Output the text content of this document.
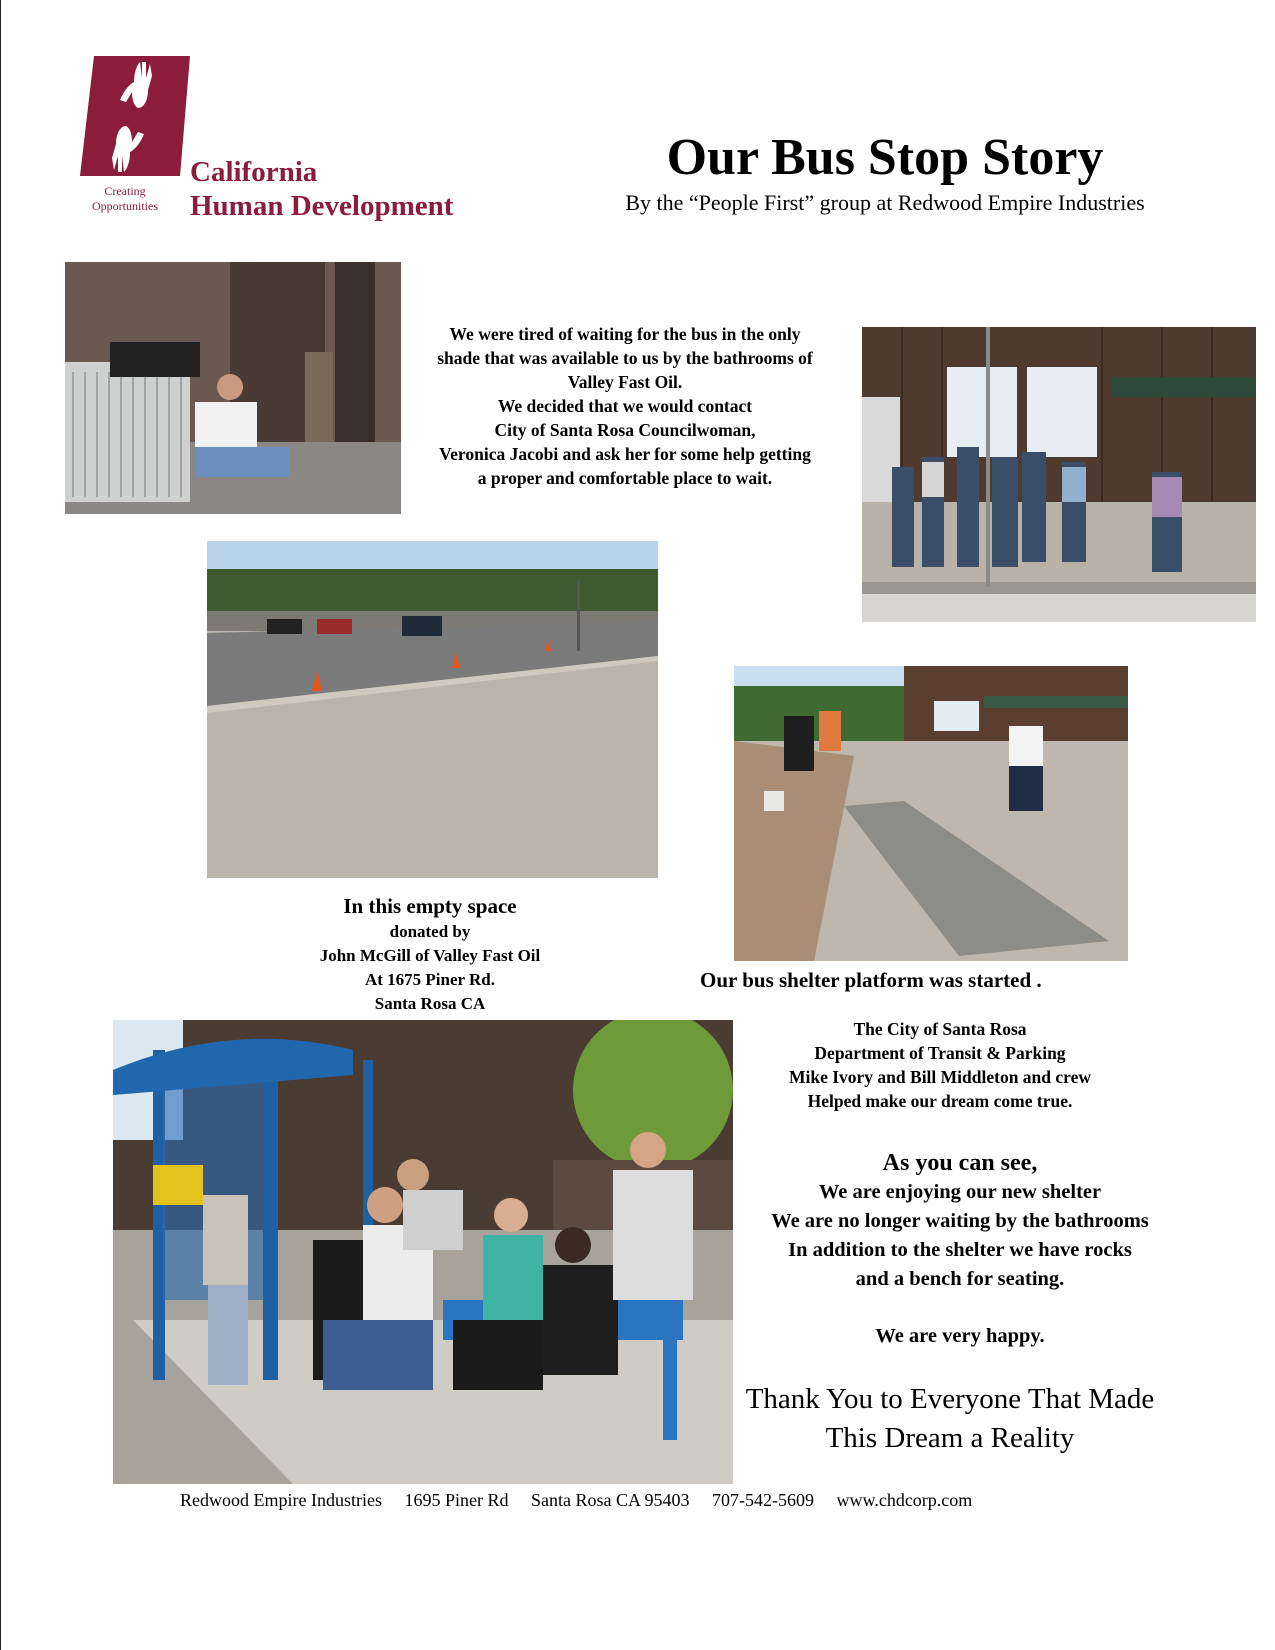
Creating
Opportunities
California
Human Development
Our Bus Stop Story
By the “People First” group at Redwood Empire Industries
We were tired of waiting for the bus in the only
shade that was available to us by the bathrooms of
Valley Fast Oil.
We decided that we would contact
City of Santa Rosa Councilwoman,
Veronica Jacobi and ask her for some help getting
a proper and comfortable place to wait.
In this empty space
donated by
John McGill of Valley Fast Oil
At 1675 Piner Rd.
Santa Rosa CA
Our bus shelter platform was started .
The City of Santa Rosa
Department of Transit & Parking
Mike Ivory and Bill Middleton and crew
Helped make our dream come true.
As you can see,
We are enjoying our new shelter
We are no longer waiting by the bathrooms
In addition to the shelter we have rocks
and a bench for seating.
We are very happy.
Thank You to Everyone That Made
This Dream a Reality
Redwood Empire Industries 1695 Piner Rd Santa Rosa CA 95403 707-542-5609 www.chdcorp.com
